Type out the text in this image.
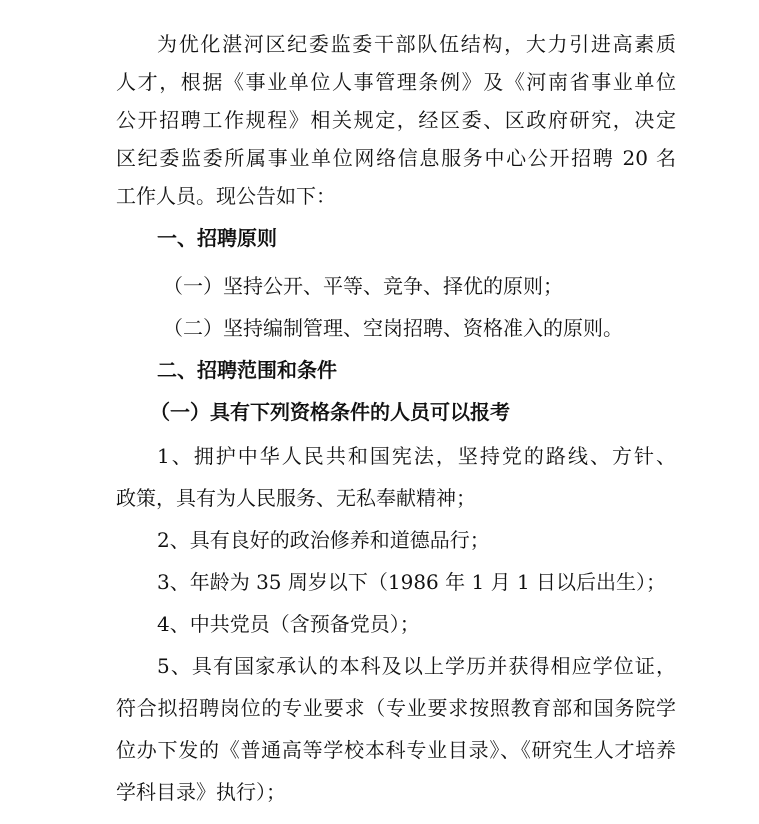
为优化湛河区纪委监委干部队伍结构，大力引进高素质
人才，根据《事业单位人事管理条例》及《河南省事业单位
公开招聘工作规程》相关规定，经区委、区政府研究，决定
区纪委监委所属事业单位网络信息服务中心公开招聘 20 名
工作人员。现公告如下：
一、招聘原则
（一）坚持公开、平等、竞争、择优的原则；
（二）坚持编制管理、空岗招聘、资格准入的原则。
二、招聘范围和条件
（一）具有下列资格条件的人员可以报考
1、拥护中华人民共和国宪法，坚持党的路线、方针、
政策，具有为人民服务、无私奉献精神；
2、具有良好的政治修养和道德品行；
3、年龄为 35 周岁以下（1986 年 1 月 1 日以后出生）；
4、中共党员（含预备党员）；
5、具有国家承认的本科及以上学历并获得相应学位证，
符合拟招聘岗位的专业要求（专业要求按照教育部和国务院学
位办下发的《普通高等学校本科专业目录》、《研究生人才培养
学科目录》执行）；
